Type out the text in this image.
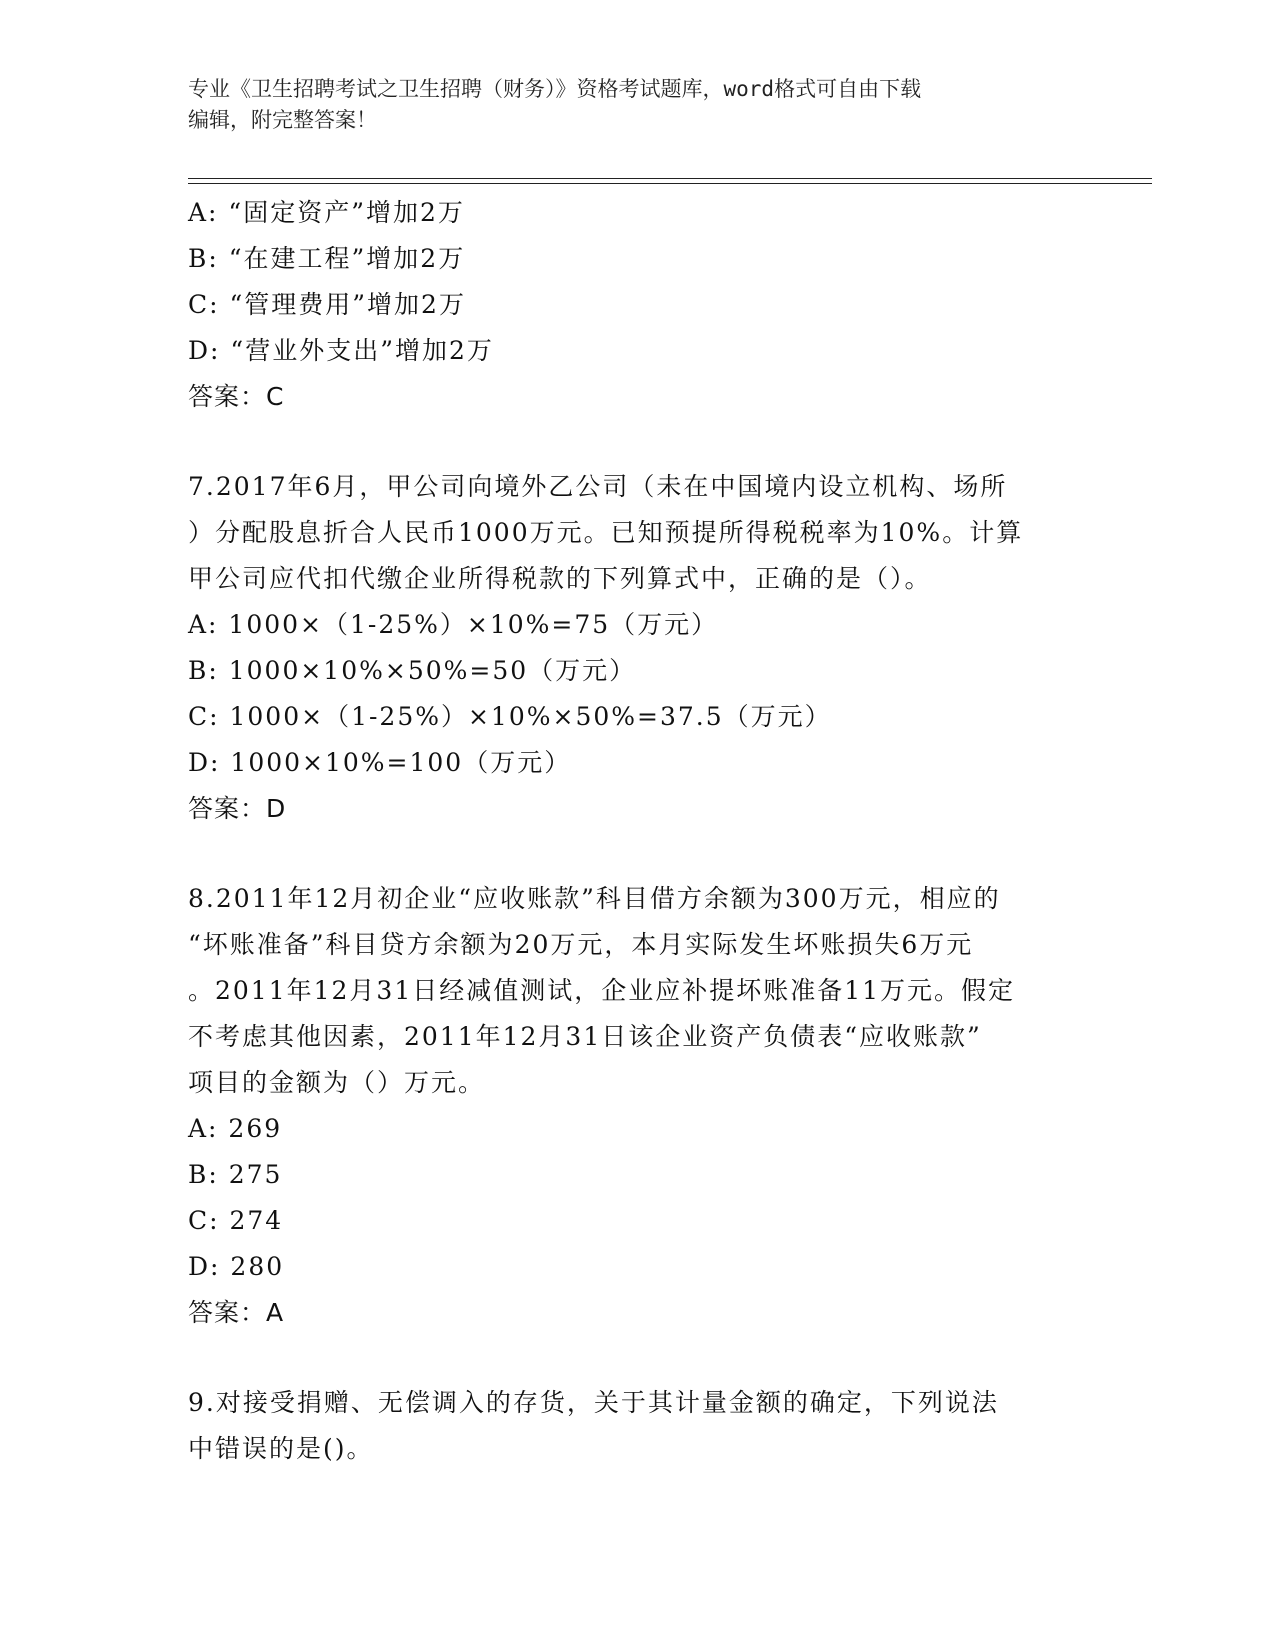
专业《卫生招聘考试之卫生招聘（财务）》资格考试题库，word格式可自由下载
编辑，附完整答案！
A: “固定资产”增加2万
B: “在建工程”增加2万
C: “管理费用”增加2万
D: “营业外支出”增加2万
答案：C
7.2017年6月，甲公司向境外乙公司（未在中国境内设立机构、场所
）分配股息折合人民币1000万元。已知预提所得税税率为10%。计算
甲公司应代扣代缴企业所得税款的下列算式中，正确的是（）。
A: 1000×（1-25%）×10%=75（万元）
B: 1000×10%×50%=50（万元）
C: 1000×（1-25%）×10%×50%=37.5（万元）
D: 1000×10%=100（万元）
答案：D
8.2011年12月初企业“应收账款”科目借方余额为300万元，相应的
“坏账准备”科目贷方余额为20万元，本月实际发生坏账损失6万元
。2011年12月31日经减值测试，企业应补提坏账准备11万元。假定
不考虑其他因素，2011年12月31日该企业资产负债表“应收账款”
项目的金额为（）万元。
A: 269
B: 275
C: 274
D: 280
答案：A
9.对接受捐赠、无偿调入的存货，关于其计量金额的确定，下列说法
中错误的是()。
